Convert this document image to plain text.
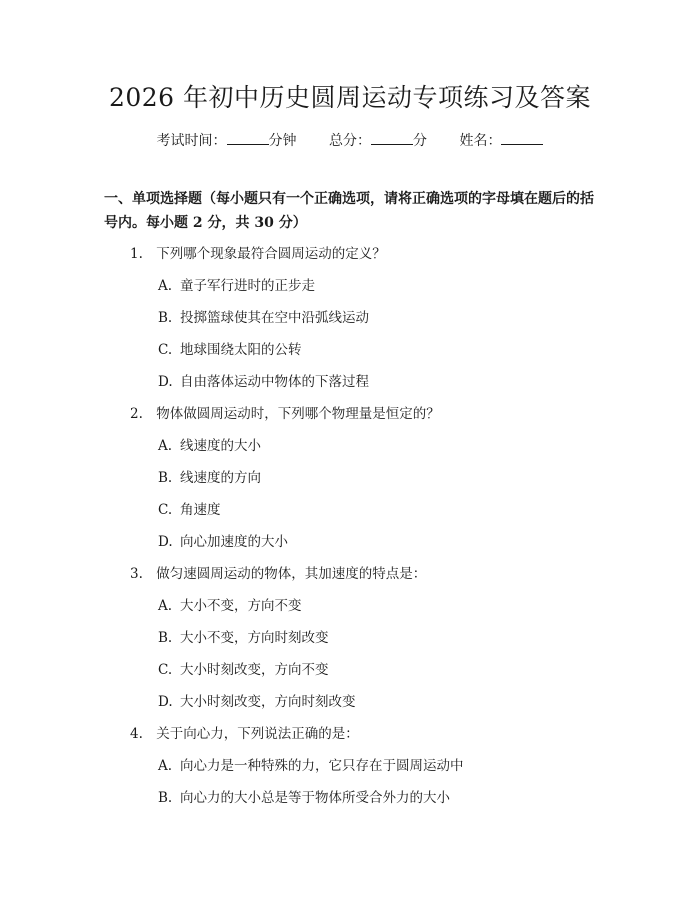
2026 年初中历史圆周运动专项练习及答案
考试时间：	分钟 总分：	分 姓名：
一、单项选择题（每小题只有一个正确选项，请将正确选项的字母填在题后的括号内。每小题 2 分，共 30 分）
1. 下列哪个现象最符合圆周运动的定义？
A. 童子军行进时的正步走
B. 投掷篮球使其在空中沿弧线运动
C. 地球围绕太阳的公转
D. 自由落体运动中物体的下落过程
2. 物体做圆周运动时，下列哪个物理量是恒定的？
A. 线速度的大小
B. 线速度的方向
C. 角速度
D. 向心加速度的大小
3. 做匀速圆周运动的物体，其加速度的特点是：
A. 大小不变，方向不变
B. 大小不变，方向时刻改变
C. 大小时刻改变，方向不变
D. 大小时刻改变，方向时刻改变
4. 关于向心力，下列说法正确的是：
A. 向心力是一种特殊的力，它只存在于圆周运动中
B. 向心力的大小总是等于物体所受合外力的大小
